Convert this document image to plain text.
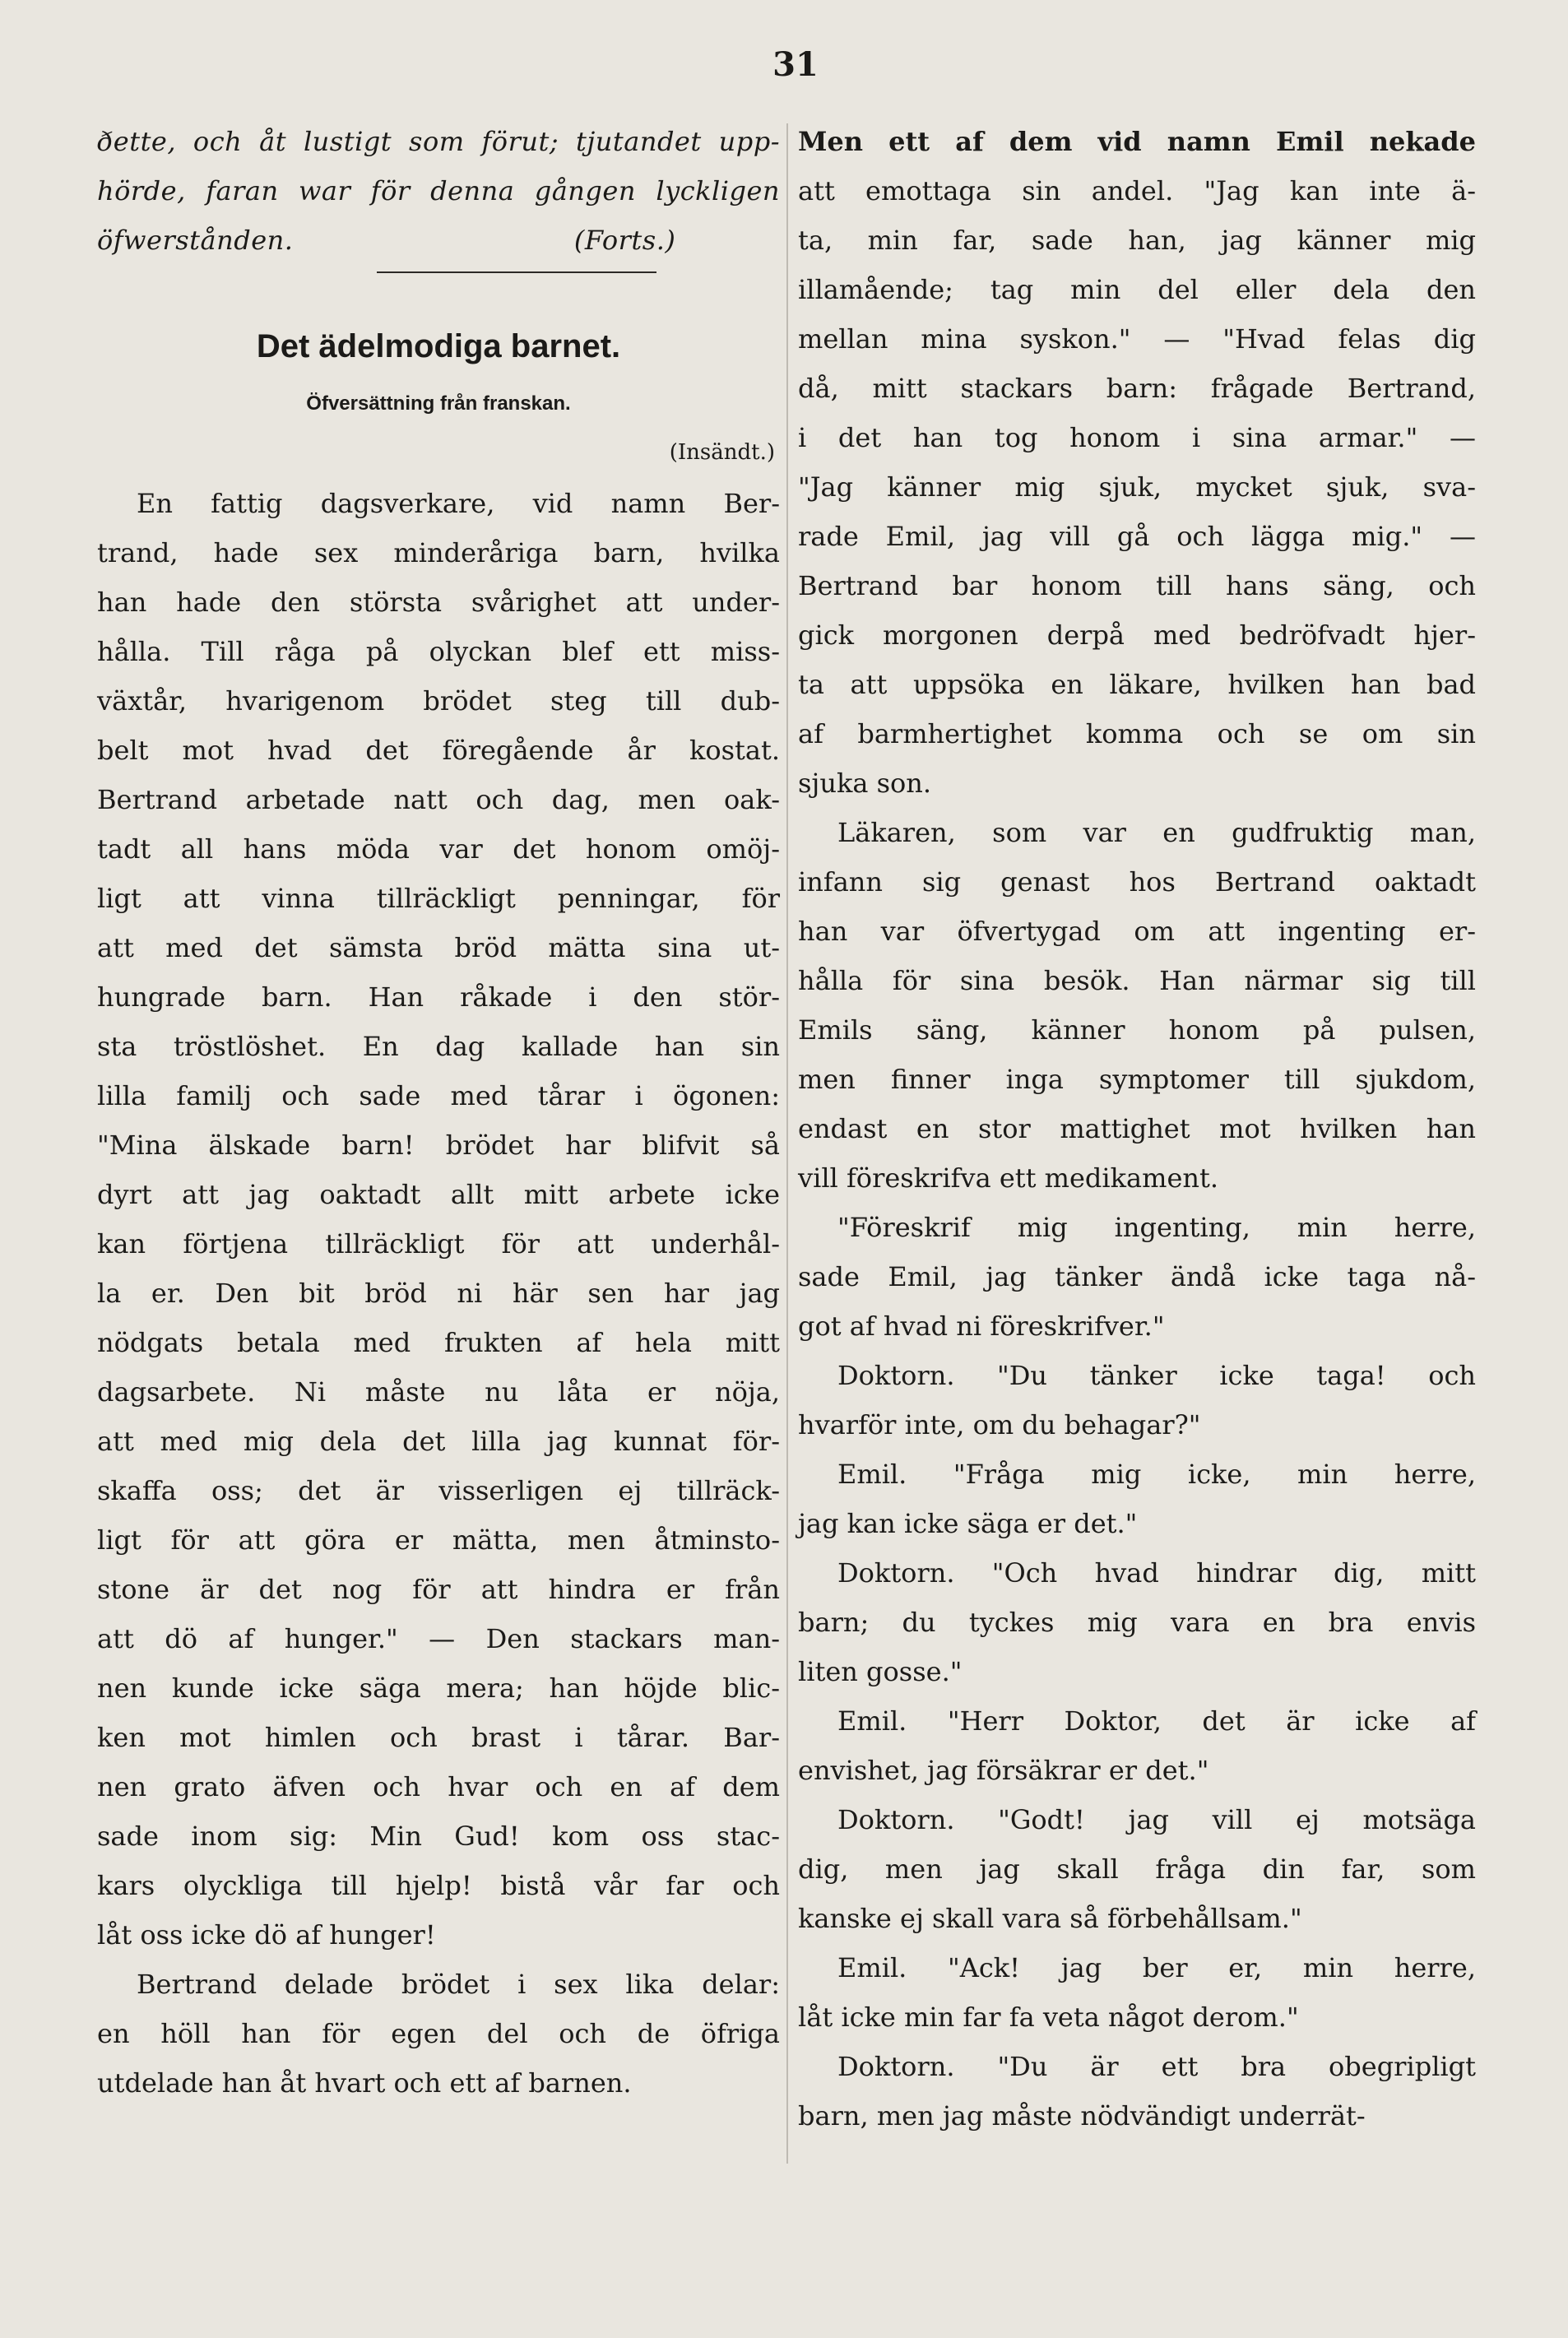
31
ðette, och åt lustigt som förut; tjutandet upp-
hörde, faran war för denna gången lyckligen
öfwerstånden.                                (Forts.)
Det ädelmodiga barnet.
Öfversättning från franskan.
(Insändt.)
En fattig dagsverkare, vid namn Ber-
trand, hade sex minderåriga barn, hvilka
han hade den största svårighet att under-
hålla. Till råga på olyckan blef ett miss-
växtår, hvarigenom brödet steg till dub-
belt mot hvad det föregående år kostat.
Bertrand arbetade natt och dag, men oak-
tadt all hans möda var det honom omöj-
ligt att vinna tillräckligt penningar, för
att med det sämsta bröd mätta sina ut-
hungrade barn. Han råkade i den stör-
sta tröstlöshet. En dag kallade han sin
lilla familj och sade med tårar i ögonen:
"Mina älskade barn! brödet har blifvit så
dyrt att jag oaktadt allt mitt arbete icke
kan förtjena tillräckligt för att underhål-
la er. Den bit bröd ni här sen har jag
nödgats betala med frukten af hela mitt
dagsarbete. Ni måste nu låta er nöja,
att med mig dela det lilla jag kunnat för-
skaffa oss; det är visserligen ej tillräck-
ligt för att göra er mätta, men åtminsto-
stone är det nog för att hindra er från
att dö af hunger." — Den stackars man-
nen kunde icke säga mera; han höjde blic-
ken mot himlen och brast i tårar. Bar-
nen grato äfven och hvar och en af dem
sade inom sig: Min Gud! kom oss stac-
kars olyckliga till hjelp! bistå vår far och
låt oss icke dö af hunger!
Bertrand delade brödet i sex lika delar:
en höll han för egen del och de öfriga
utdelade han åt hvart och ett af barnen.
Men ett af dem vid namn Emil nekade
att emottaga sin andel. "Jag kan inte ä-
ta, min far, sade han, jag känner mig
illamående; tag min del eller dela den
mellan mina syskon." — "Hvad felas dig
då, mitt stackars barn: frågade Bertrand,
i det han tog honom i sina armar." —
"Jag känner mig sjuk, mycket sjuk, sva-
rade Emil, jag vill gå och lägga mig." —
Bertrand bar honom till hans säng, och
gick morgonen derpå med bedröfvadt hjer-
ta att uppsöka en läkare, hvilken han bad
af barmhertighet komma och se om sin
sjuka son.
Läkaren, som var en gudfruktig man,
infann sig genast hos Bertrand oaktadt
han var öfvertygad om att ingenting er-
hålla för sina besök. Han närmar sig till
Emils säng, känner honom på pulsen,
men finner inga symptomer till sjukdom,
endast en stor mattighet mot hvilken han
vill föreskrifva ett medikament.
"Föreskrif mig ingenting, min herre,
sade Emil, jag tänker ändå icke taga nå-
got af hvad ni föreskrifver."
Doktorn. "Du tänker icke taga! och
hvarför inte, om du behagar?"
Emil. "Fråga mig icke, min herre,
jag kan icke säga er det."
Doktorn. "Och hvad hindrar dig, mitt
barn; du tyckes mig vara en bra envis
liten gosse."
Emil. "Herr Doktor, det är icke af
envishet, jag försäkrar er det."
Doktorn. "Godt! jag vill ej motsäga
dig, men jag skall fråga din far, som
kanske ej skall vara så förbehållsam."
Emil. "Ack! jag ber er, min herre,
låt icke min far fa veta något derom."
Doktorn. "Du är ett bra obegripligt
barn, men jag måste nödvändigt underrät-
